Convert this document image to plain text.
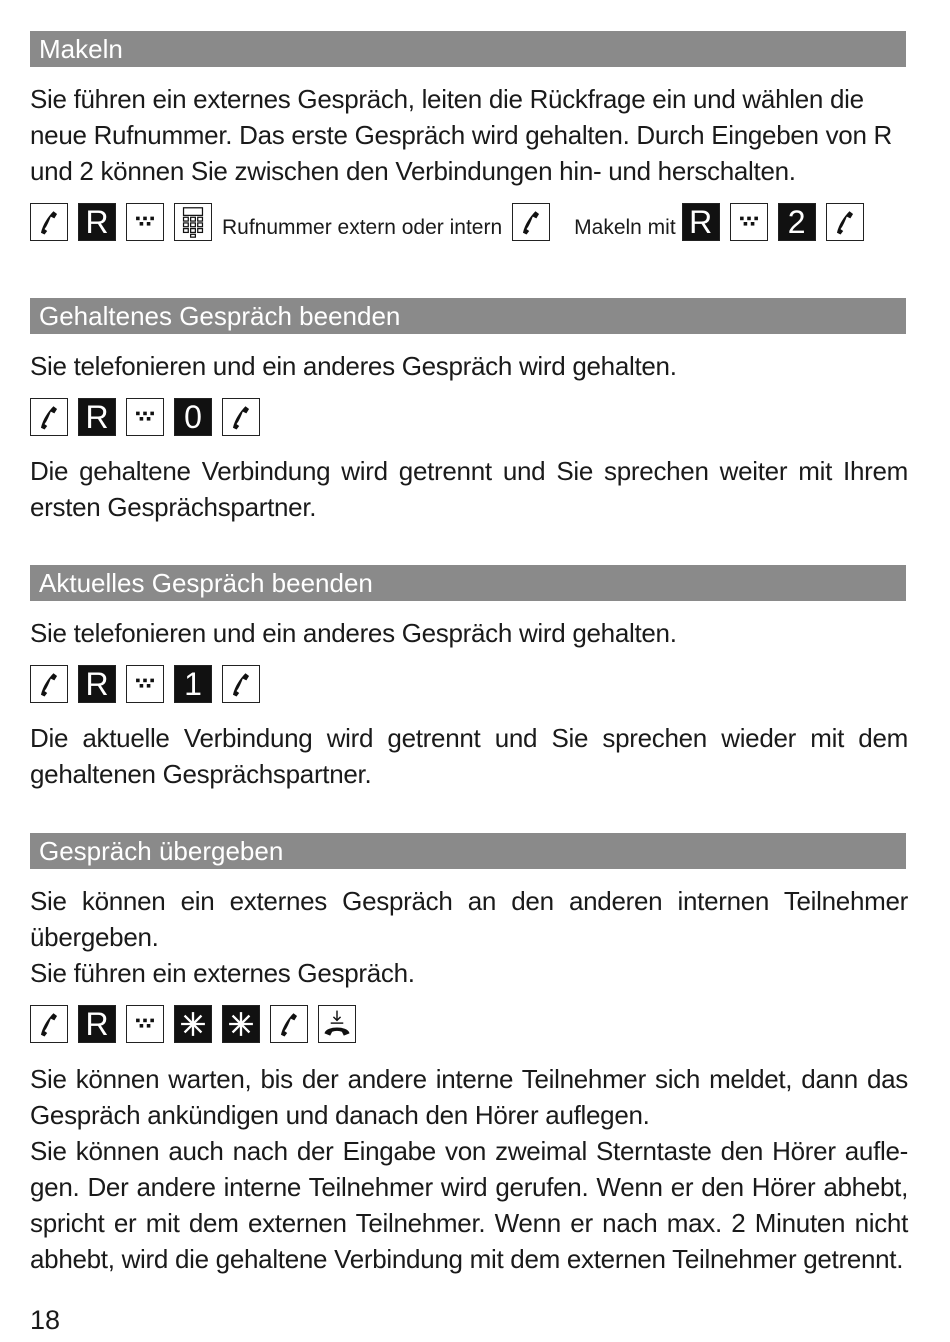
Makeln

Sie führen ein externes Gespräch, leiten die Rückfrage ein und wählen die neue Rufnummer. Das erste Gespräch wird gehalten. Durch Eingeben von R und 2 können Sie zwischen den Verbindungen hin- und herschalten.

R	Rufnummer extern oder intern	Makeln mit R 2
Gehaltenes Gespräch beenden

Sie telefonieren und ein anderes Gespräch wird gehalten.

R 0

Die gehaltene Verbindung wird getrennt und Sie sprechen weiter mit Ihrem ersten Gesprächspartner.

Aktuelles Gespräch beenden

Sie telefonieren und ein anderes Gespräch wird gehalten.

R 1

Die aktuelle Verbindung wird getrennt und Sie sprechen wieder mit dem gehaltenen Gesprächspartner.

Gespräch übergeben

Sie können ein externes Gespräch an den anderen internen Teilnehmer übergeben.

Sie führen ein externes Gespräch.

R

Sie können warten, bis der andere interne Teilnehmer sich meldet, dann das Gespräch ankündigen und danach den Hörer auflegen.

Sie können auch nach der Eingabe von zweimal Sterntaste den Hörer aufle- gen. Der andere interne Teilnehmer wird gerufen. Wenn er den Hörer abhebt, spricht er mit dem externen Teilnehmer. Wenn er nach max. 2 Minuten nicht abhebt, wird die gehaltene Verbindung mit dem externen Teilnehmer getrennt.

18
